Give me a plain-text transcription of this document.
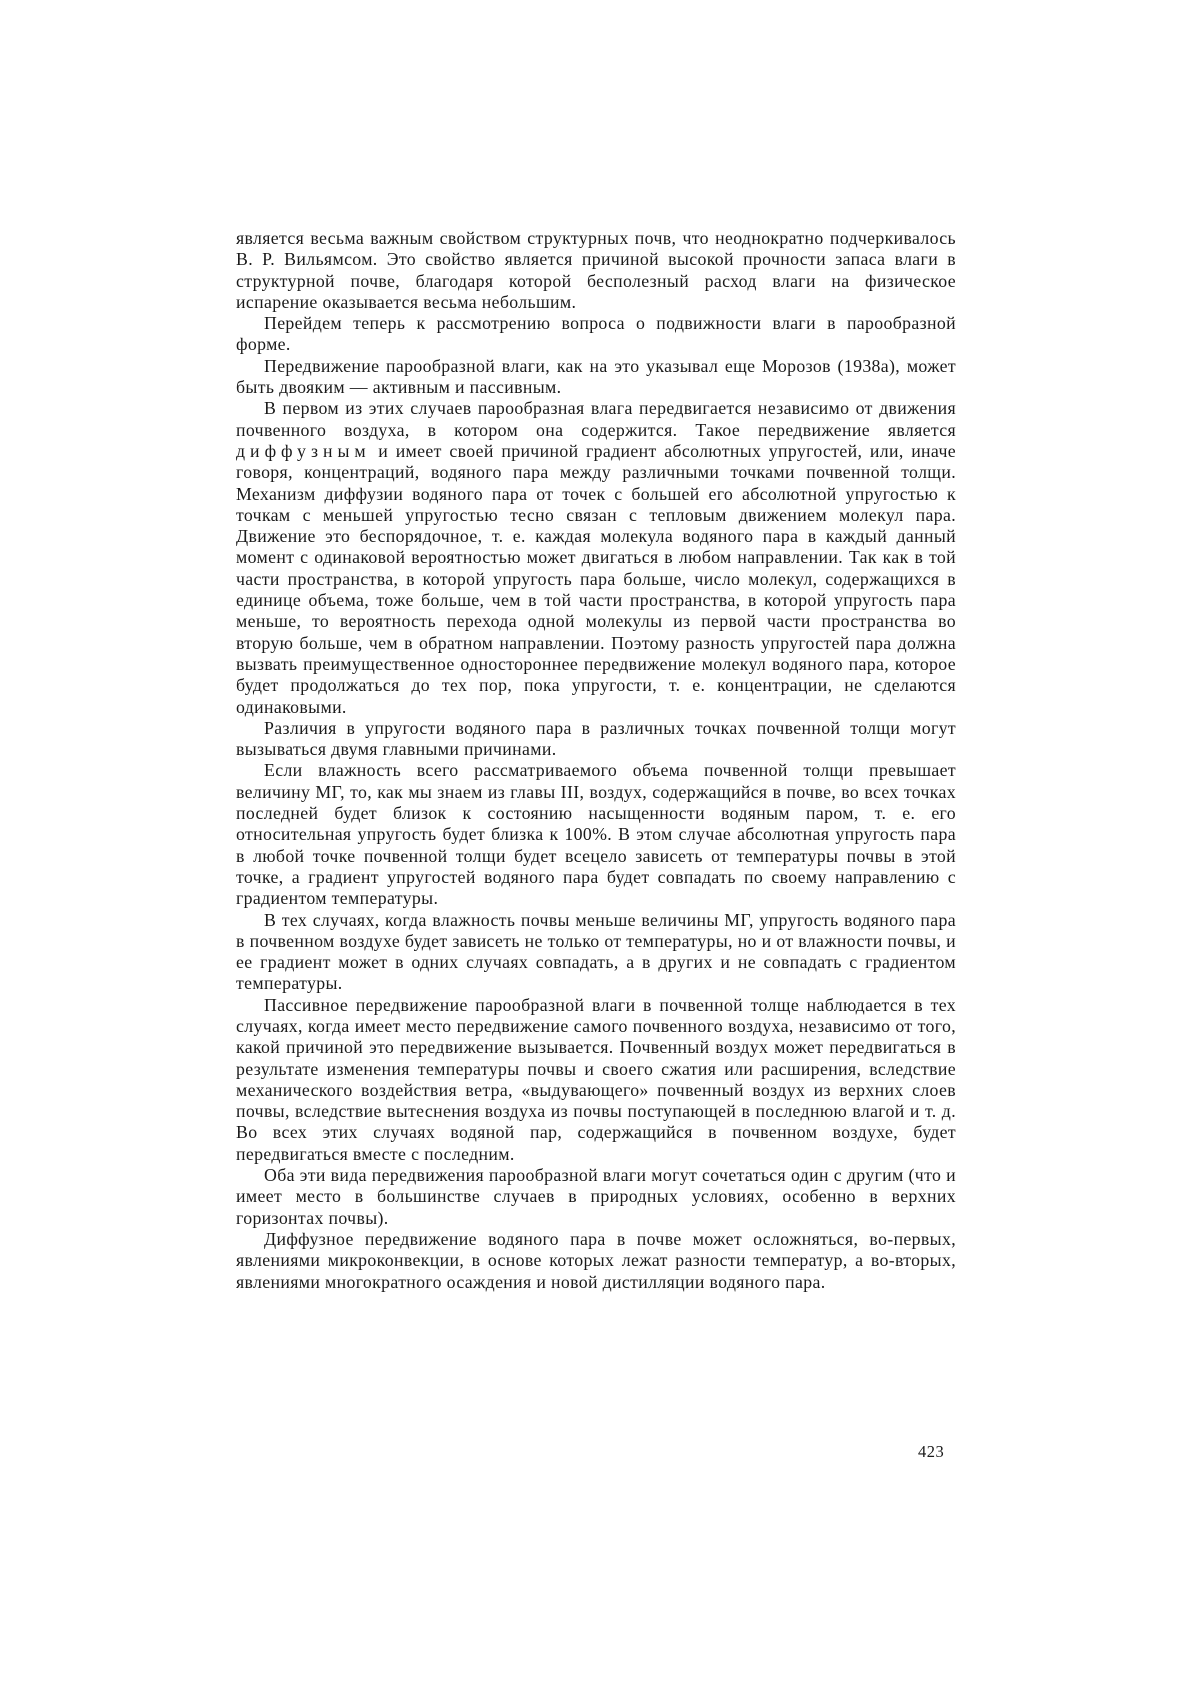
является весьма важным свойством структурных почв, что неоднократно подчеркивалось В. Р. Вильямсом. Это свойство является причиной высокой прочности запаса влаги в структурной почве, благодаря которой бесполезный расход влаги на физическое испарение оказывается весьма небольшим.

Перейдем теперь к рассмотрению вопроса о подвижности влаги в парообразной форме.

Передвижение парообразной влаги, как на это указывал еще Морозов (1938а), может быть двояким — активным и пассивным.

В первом из этих случаев парообразная влага передвигается независимо от движения почвенного воздуха, в котором она содержится. Такое передвижение является диффузным и имеет своей причиной градиент абсолютных упругостей, или, иначе говоря, концентраций, водяного пара между различными точками почвенной толщи. Механизм диффузии водяного пара от точек с большей его абсолютной упругостью к точкам с меньшей упругостью тесно связан с тепловым движением молекул пара. Движение это беспорядочное, т. е. каждая молекула водяного пара в каждый данный момент с одинаковой вероятностью может двигаться в любом направлении. Так как в той части пространства, в которой упругость пара больше, число молекул, содержащихся в единице объема, тоже больше, чем в той части пространства, в которой упругость пара меньше, то вероятность перехода одной молекулы из первой части пространства во вторую больше, чем в обратном направлении. Поэтому разность упругостей пара должна вызвать преимущественное одностороннее передвижение молекул водяного пара, которое будет продолжаться до тех пор, пока упругости, т. е. концентрации, не сделаются одинаковыми.

Различия в упругости водяного пара в различных точках почвенной толщи могут вызываться двумя главными причинами.

Если влажность всего рассматриваемого объема почвенной толщи превышает величину МГ, то, как мы знаем из главы III, воздух, содержащийся в почве, во всех точках последней будет близок к состоянию насыщенности водяным паром, т. е. его относительная упругость будет близка к 100%. В этом случае абсолютная упругость пара в любой точке почвенной толщи будет всецело зависеть от температуры почвы в этой точке, а градиент упругостей водяного пара будет совпадать по своему направлению с градиентом температуры.

В тех случаях, когда влажность почвы меньше величины МГ, упругость водяного пара в почвенном воздухе будет зависеть не только от температуры, но и от влажности почвы, и ее градиент может в одних случаях совпадать, а в других и не совпадать с градиентом температуры.

Пассивное передвижение парообразной влаги в почвенной толще наблюдается в тех случаях, когда имеет место передвижение самого почвенного воздуха, независимо от того, какой причиной это передвижение вызывается. Почвенный воздух может передвигаться в результате изменения температуры почвы и своего сжатия или расширения, вследствие механического воздействия ветра, «выдувающего» почвенный воздух из верхних слоев почвы, вследствие вытеснения воздуха из почвы поступающей в последнюю влагой и т. д. Во всех этих случаях водяной пар, содержащийся в почвенном воздухе, будет передвигаться вместе с последним.

Оба эти вида передвижения парообразной влаги могут сочетаться один с другим (что и имеет место в большинстве случаев в природных условиях, особенно в верхних горизонтах почвы).

Диффузное передвижение водяного пара в почве может осложняться, во-первых, явлениями микроконвекции, в основе которых лежат разности температур, а во-вторых, явлениями многократного осаждения и новой дистилляции водяного пара.

423
